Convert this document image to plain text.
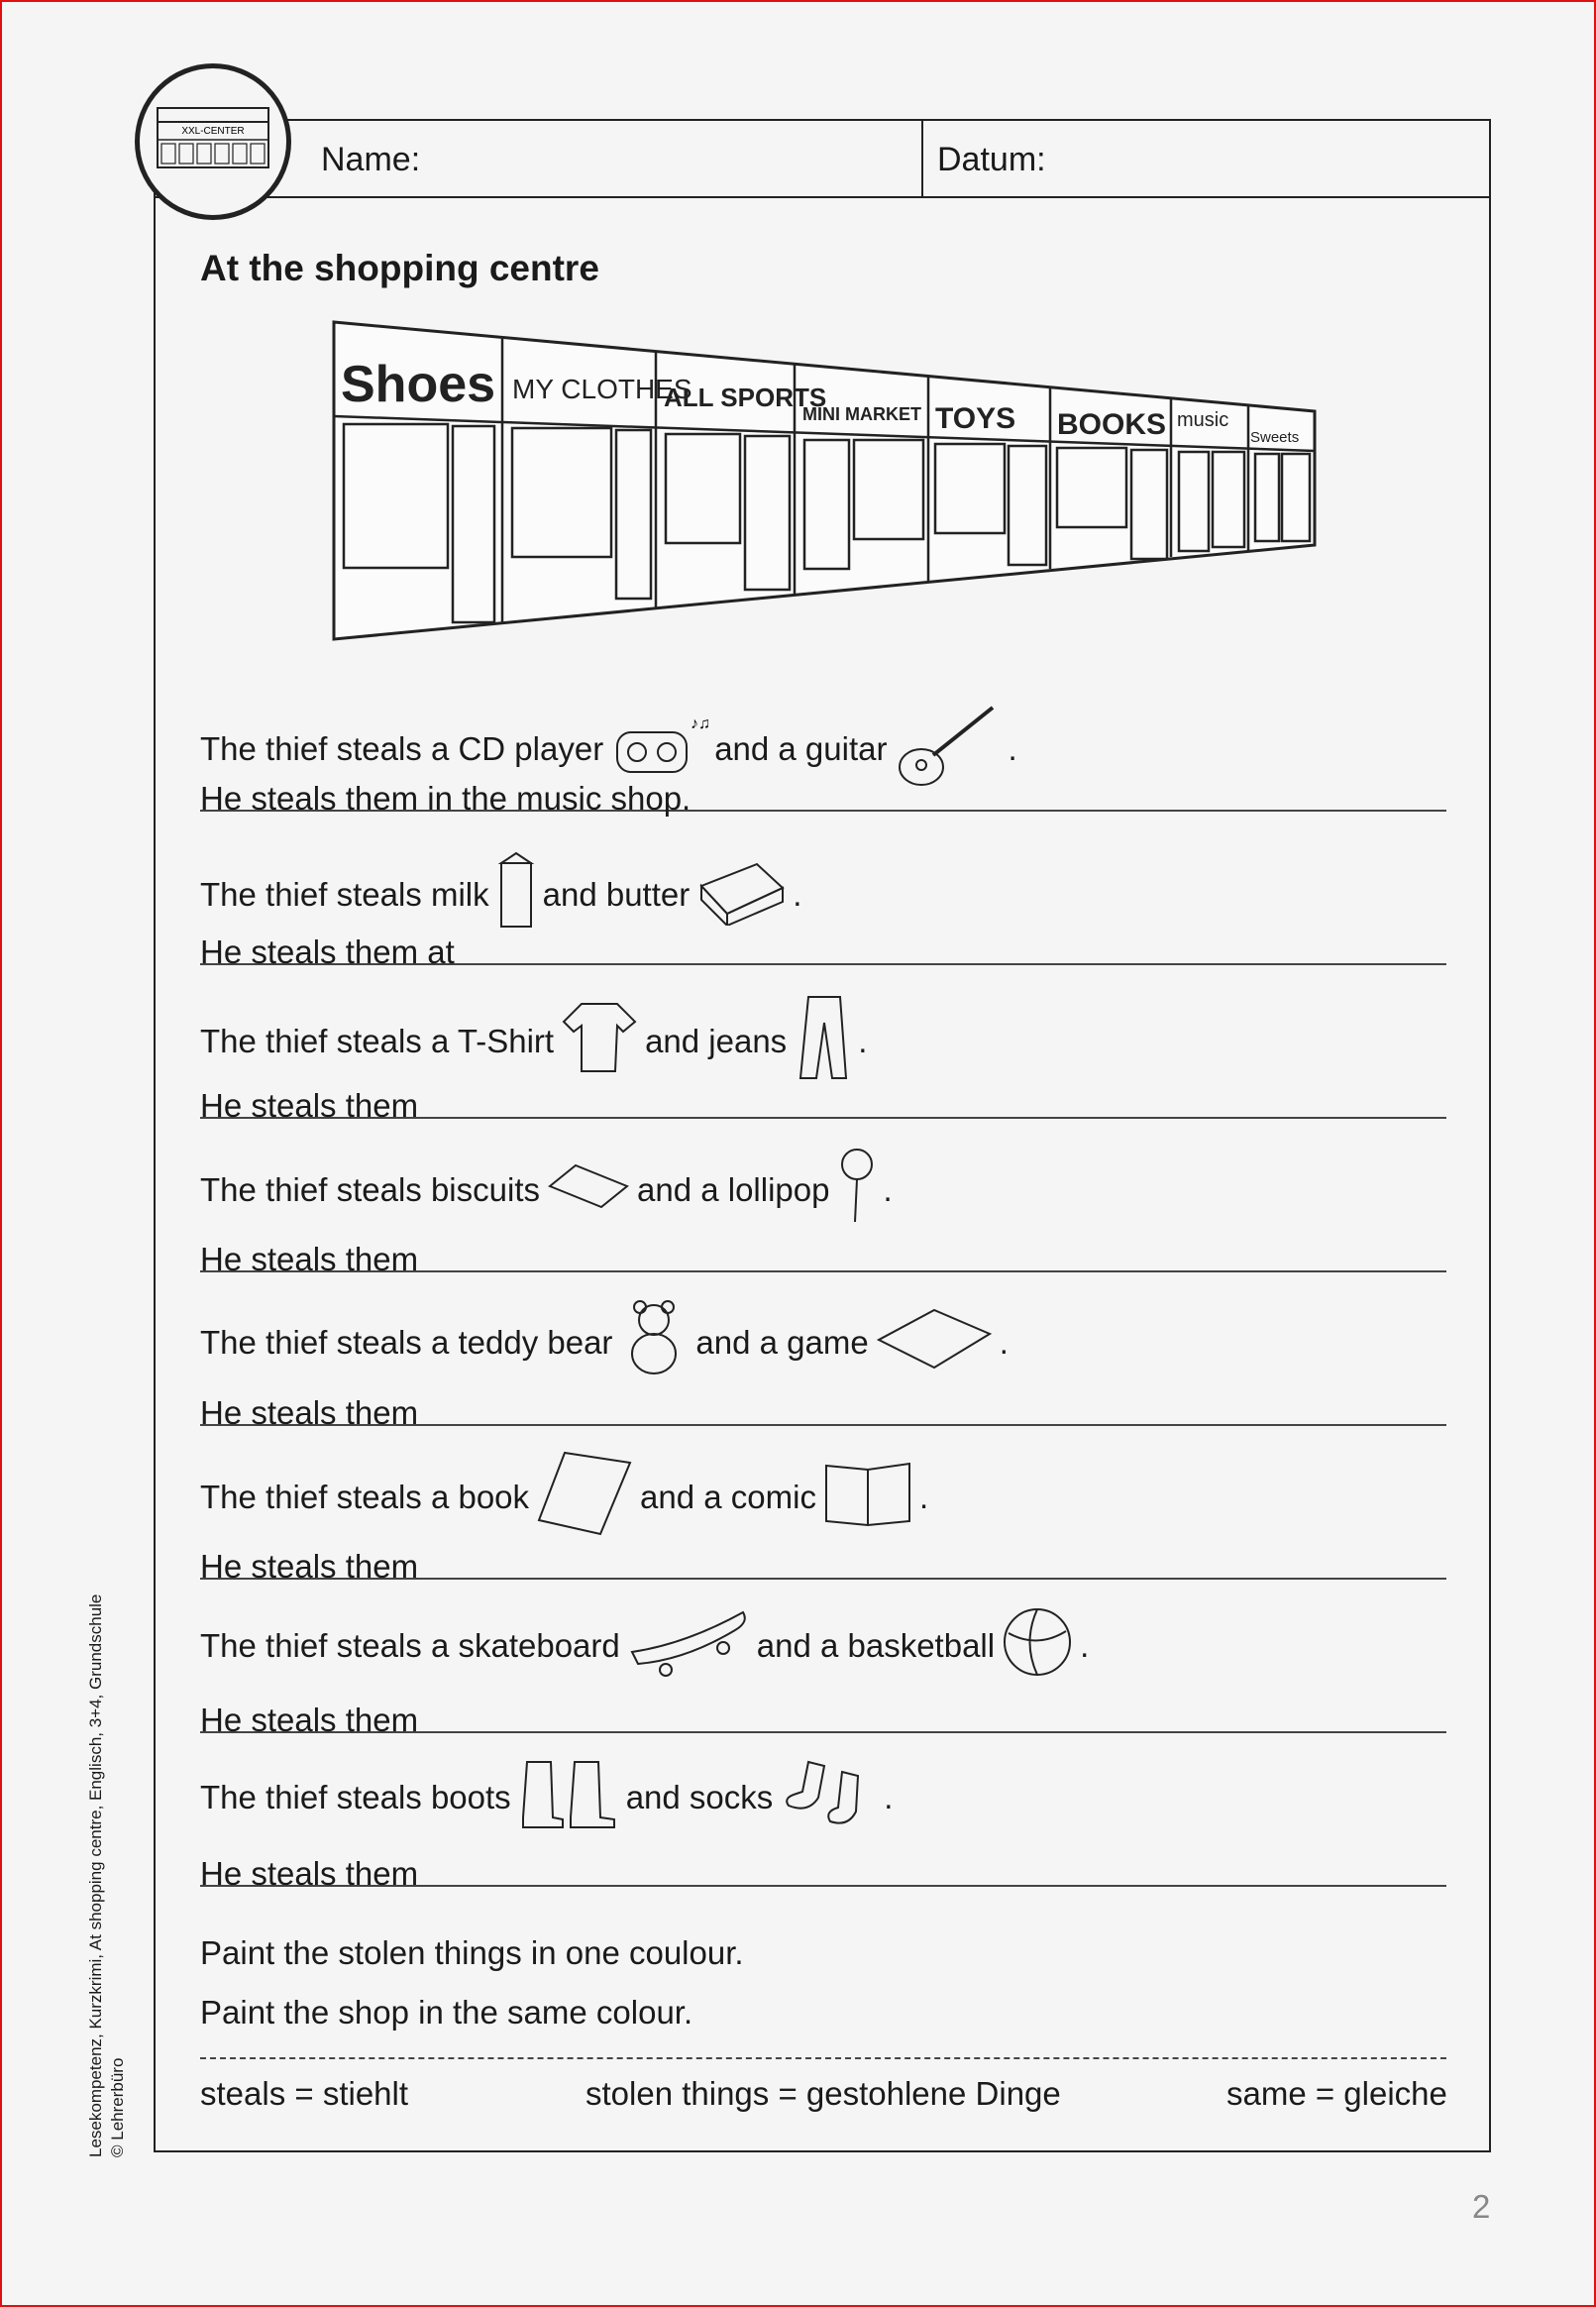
Name:	Datum:
XXL-CENTER
At the shopping centre
Shoes MY CLOTHES
ALL SPORTS
MINI MARKET TOYS BOOKS music
Sweets
The thief steals a CD player
♪♫
and a guitar	.
He steals them in the music shop.
The thief steals milk and butter	.
He steals them at
The thief steals a T-Shirt	and jeans .
He steals them
The thief steals biscuits	and a lollipop .
He steals them
The thief steals a teddy bear	and a game	.
He steals them
The thief steals a book	and a comic	.
He steals them
The thief steals a skateboard	and a basketball	.
He steals them
The thief steals boots	and socks	.
He steals them
Paint the stolen things in one coulour.
Paint the shop in the same colour.
steals = stiehlt	stolen things = gestohlene Dinge	same = gleiche
Lesekompetenz, Kurzkrimi, At shopping centre, Englisch, 3+4, Grundschule © Lehrerbüro
2
